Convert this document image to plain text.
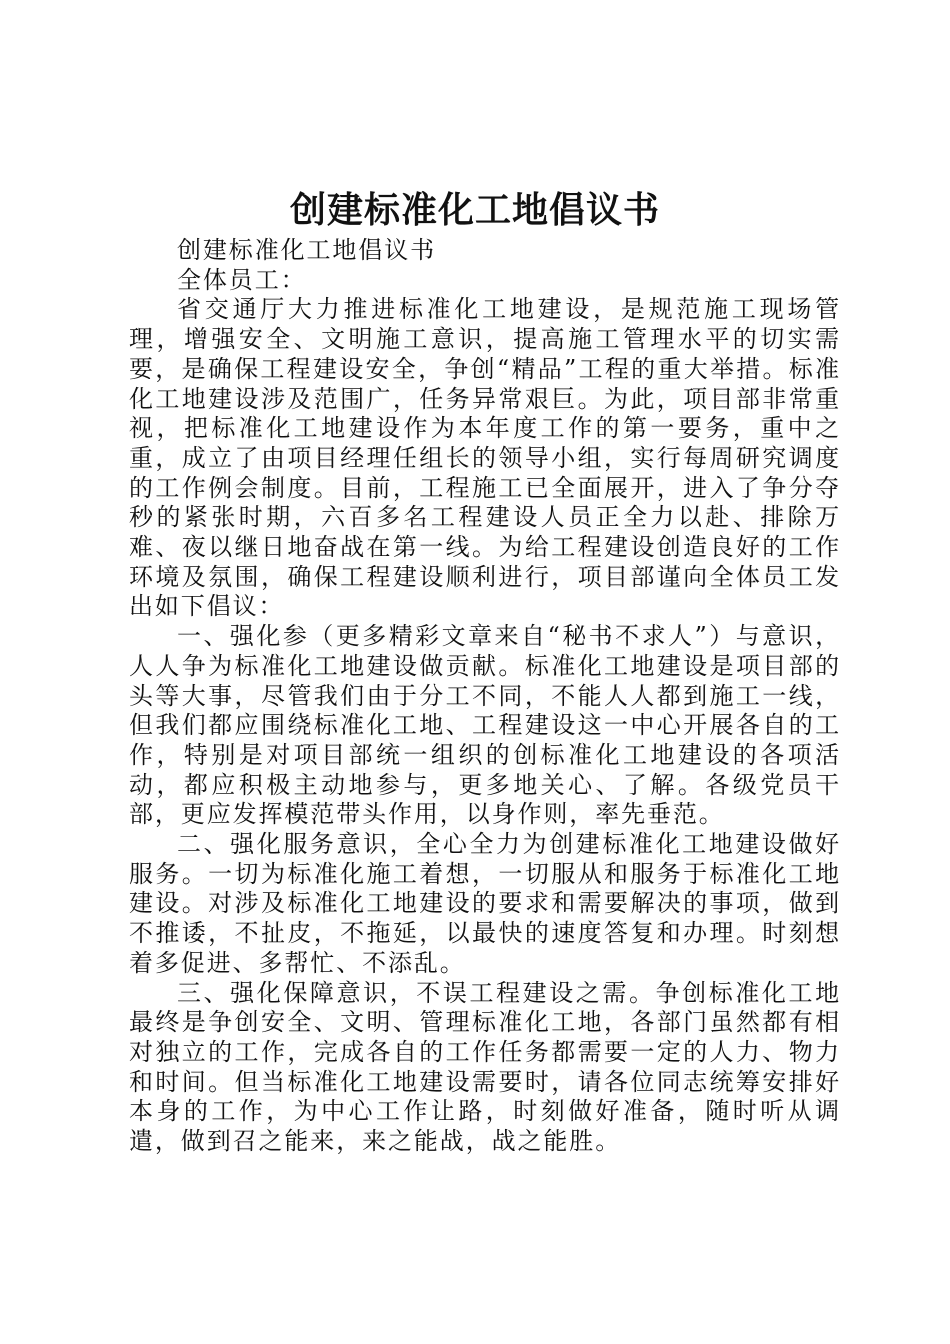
创建标准化工地倡议书

创建标准化工地倡议书

全体员工：

省交通厅大力推进标准化工地建设，是规范施工现场管理，增强安全、文明施工意识，提高施工管理水平的切实需要，是确保工程建设安全，争创“精品”工程的重大举措。标准化工地建设涉及范围广，任务异常艰巨。为此，项目部非常重视，把标准化工地建设作为本年度工作的第一要务，重中之重，成立了由项目经理任组长的领导小组，实行每周研究调度的工作例会制度。目前，工程施工已全面展开，进入了争分夺秒的紧张时期，六百多名工程建设人员正全力以赴、排除万难、夜以继日地奋战在第一线。为给工程建设创造良好的工作环境及氛围，确保工程建设顺利进行，项目部谨向全体员工发出如下倡议：

一、强化参（更多精彩文章来自“秘书不求人”）与意识，人人争为标准化工地建设做贡献。标准化工地建设是项目部的头等大事，尽管我们由于分工不同，不能人人都到施工一线，但我们都应围绕标准化工地、工程建设这一中心开展各自的工作，特别是对项目部统一组织的创标准化工地建设的各项活动，都应积极主动地参与，更多地关心、了解。各级党员干部，更应发挥模范带头作用，以身作则，率先垂范。

二、强化服务意识，全心全力为创建标准化工地建设做好服务。一切为标准化施工着想，一切服从和服务于标准化工地建设。对涉及标准化工地建设的要求和需要解决的事项，做到不推诿，不扯皮，不拖延，以最快的速度答复和办理。时刻想着多促进、多帮忙、不添乱。

三、强化保障意识，不误工程建设之需。争创标准化工地最终是争创安全、文明、管理标准化工地，各部门虽然都有相对独立的工作，完成各自的工作任务都需要一定的人力、物力和时间。但当标准化工地建设需要时，请各位同志统筹安排好本身的工作，为中心工作让路，时刻做好准备，随时听从调遣，做到召之能来，来之能战，战之能胜。
